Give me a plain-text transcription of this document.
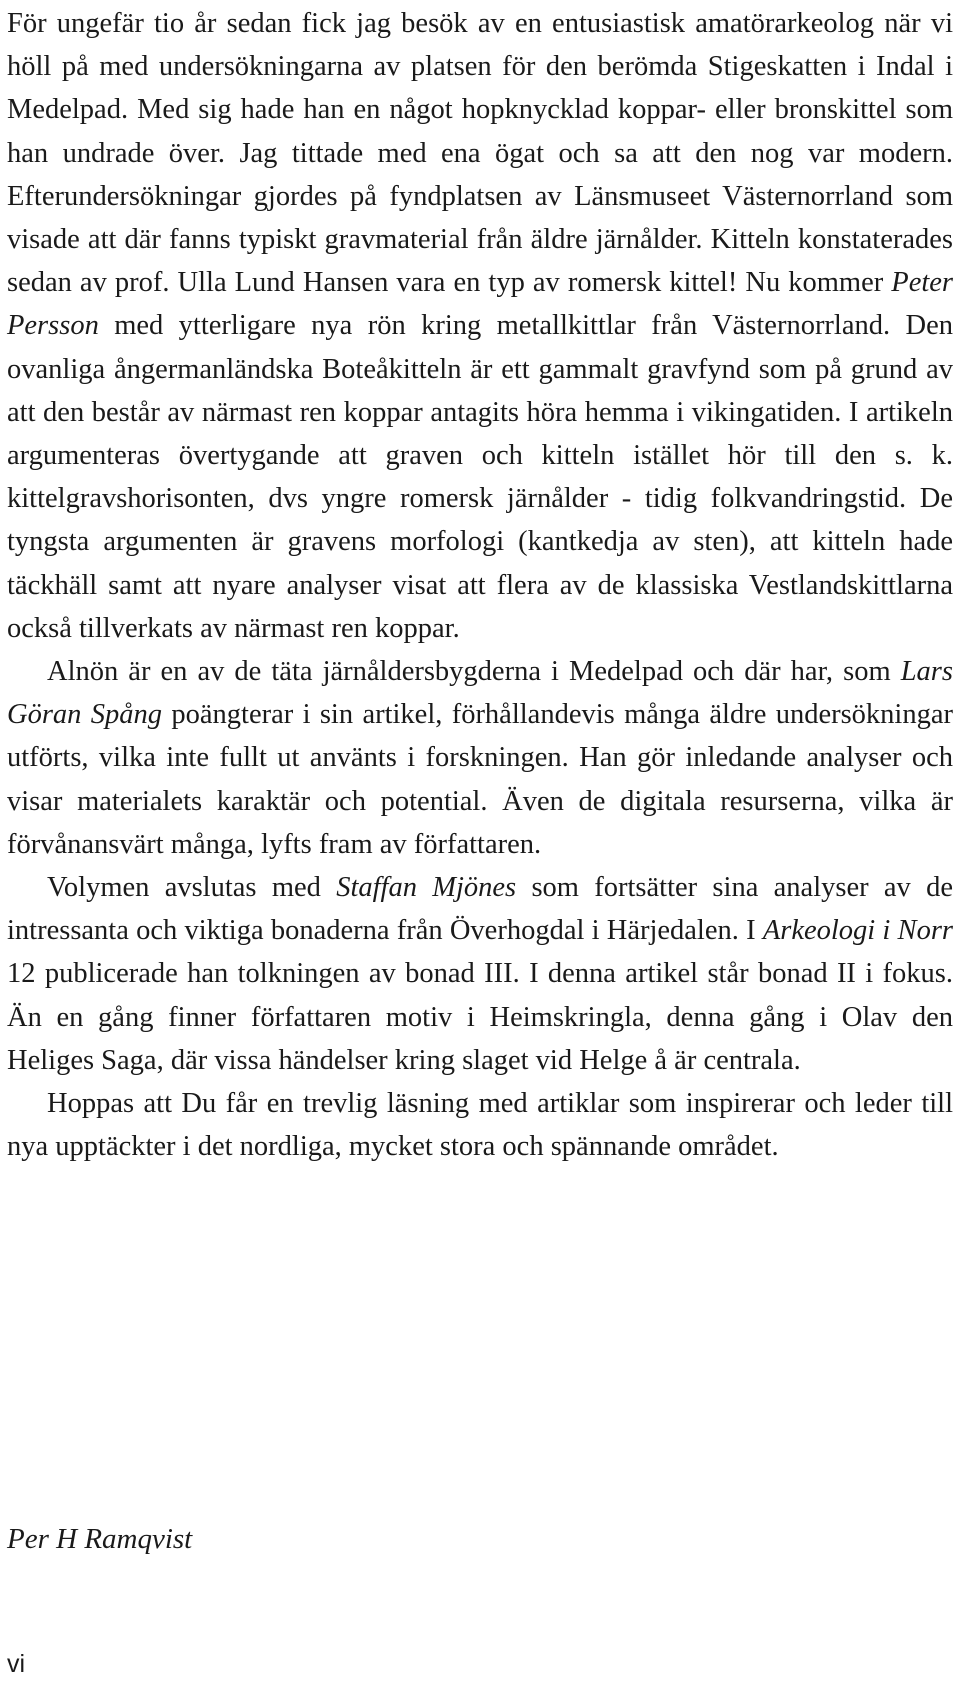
För ungefär tio år sedan fick jag besök av en entusiastisk amatörarkeolog när vi höll på med undersökningarna av platsen för den berömda Stigeskatten i Indal i Medelpad. Med sig hade han en något hopknycklad koppar- eller bronskittel som han undrade över. Jag tittade med ena ögat och sa att den nog var modern. Efterundersökningar gjordes på fyndplatsen av Länsmuseet Västernorrland som visade att där fanns typiskt gravmaterial från äldre järnålder. Kitteln konstaterades sedan av prof. Ulla Lund Hansen vara en typ av romersk kittel! Nu kommer Peter Persson med ytterligare nya rön kring metallkittlar från Västernorrland. Den ovanliga ångermanländska Boteåkitteln är ett gammalt gravfynd som på grund av att den består av närmast ren koppar antagits höra hemma i vikingatiden. I artikeln argumenteras övertygande att graven och kitteln istället hör till den s. k. kittelgravshorisonten, dvs yngre romersk järnålder - tidig folkvandringstid. De tyngsta argumenten är gravens morfologi (kantkedja av sten), att kitteln hade täckhäll samt att nyare analyser visat att flera av de klassiska Vestlandskittlarna också tillverkats av närmast ren koppar.

Alnön är en av de täta järnåldersbygderna i Medelpad och där har, som Lars Göran Spång poängterar i sin artikel, förhållandevis många äldre undersökningar utförts, vilka inte fullt ut använts i forskningen. Han gör inledande analyser och visar materialets karaktär och potential. Även de digitala resurserna, vilka är förvånansvärt många, lyfts fram av författaren.

Volymen avslutas med Staffan Mjönes som fortsätter sina analyser av de intressanta och viktiga bonaderna från Överhogdal i Härjedalen. I Arkeologi i Norr 12 publicerade han tolkningen av bonad III. I denna artikel står bonad II i fokus. Än en gång finner författaren motiv i Heimskringla, denna gång i Olav den Heliges Saga, där vissa händelser kring slaget vid Helge å är centrala.

Hoppas att Du får en trevlig läsning med artiklar som inspirerar och leder till nya upptäckter i det nordliga, mycket stora och spännande området.

Per H Ramqvist
vi
